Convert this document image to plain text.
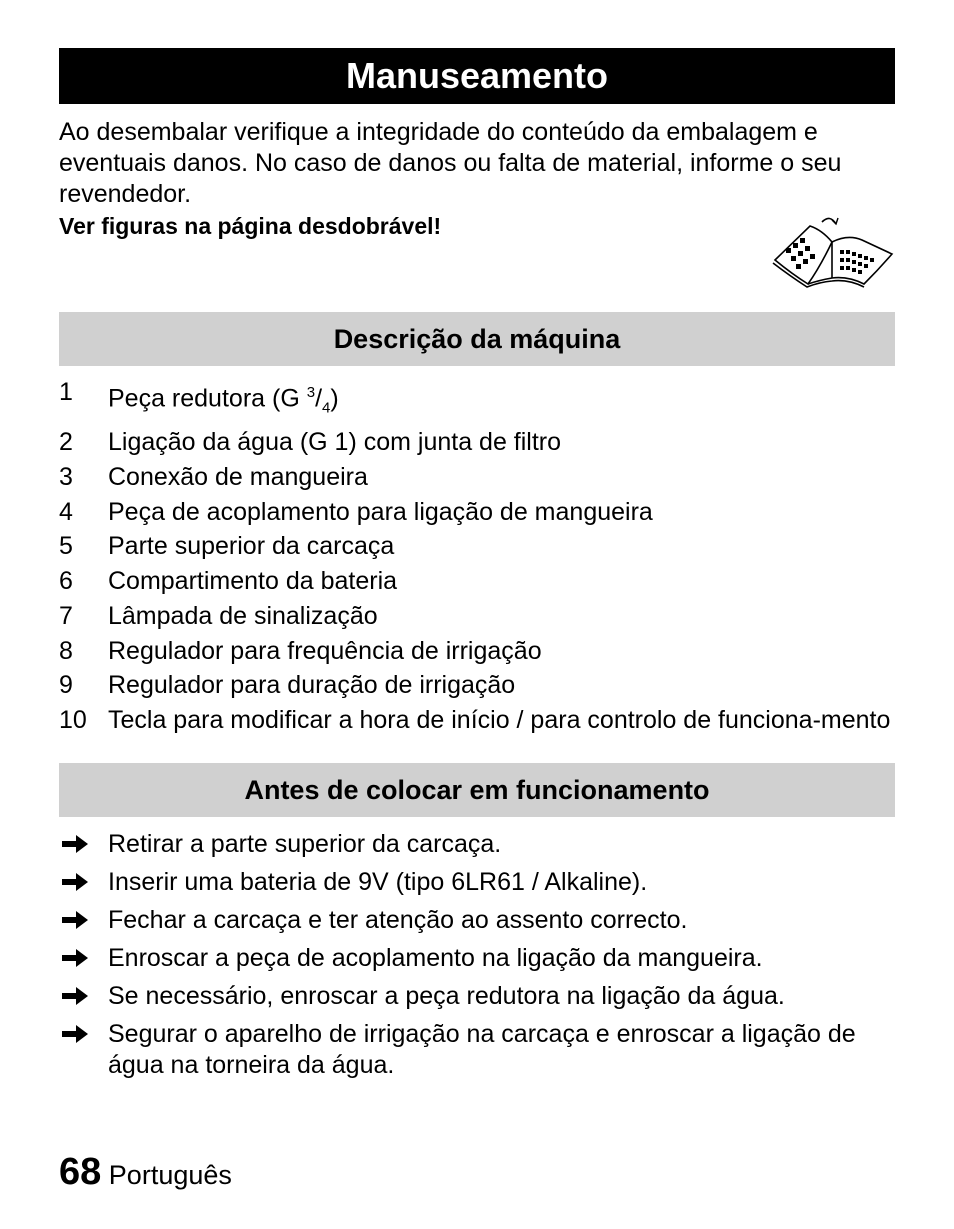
Manuseamento
Ao desembalar verifique a integridade do conteúdo da embalagem e eventuais danos. No caso de danos ou falta de material, informe o seu revendedor.
Ver figuras na página desdobrável!
Descrição da máquina
1 Peça redutora (G $^3/_4$)
2 Ligação da água (G 1) com junta de filtro
3 Conexão de mangueira
4 Peça de acoplamento para ligação de mangueira
5 Parte superior da carcaça
6 Compartimento da bateria
7 Lâmpada de sinalização
8 Regulador para frequência de irrigação
9 Regulador para duração de irrigação
10 Tecla para modificar a hora de início / para controlo de funciona-mento
Antes de colocar em funcionamento
Retirar a parte superior da carcaça.
Inserir uma bateria de 9V (tipo 6LR61 / Alkaline).
Fechar a carcaça e ter atenção ao assento correcto.
Enroscar a peça de acoplamento na ligação da mangueira.
Se necessário, enroscar a peça redutora na ligação da água.
Segurar o aparelho de irrigação na carcaça e enroscar a ligação de água na torneira da água.
68 Português
